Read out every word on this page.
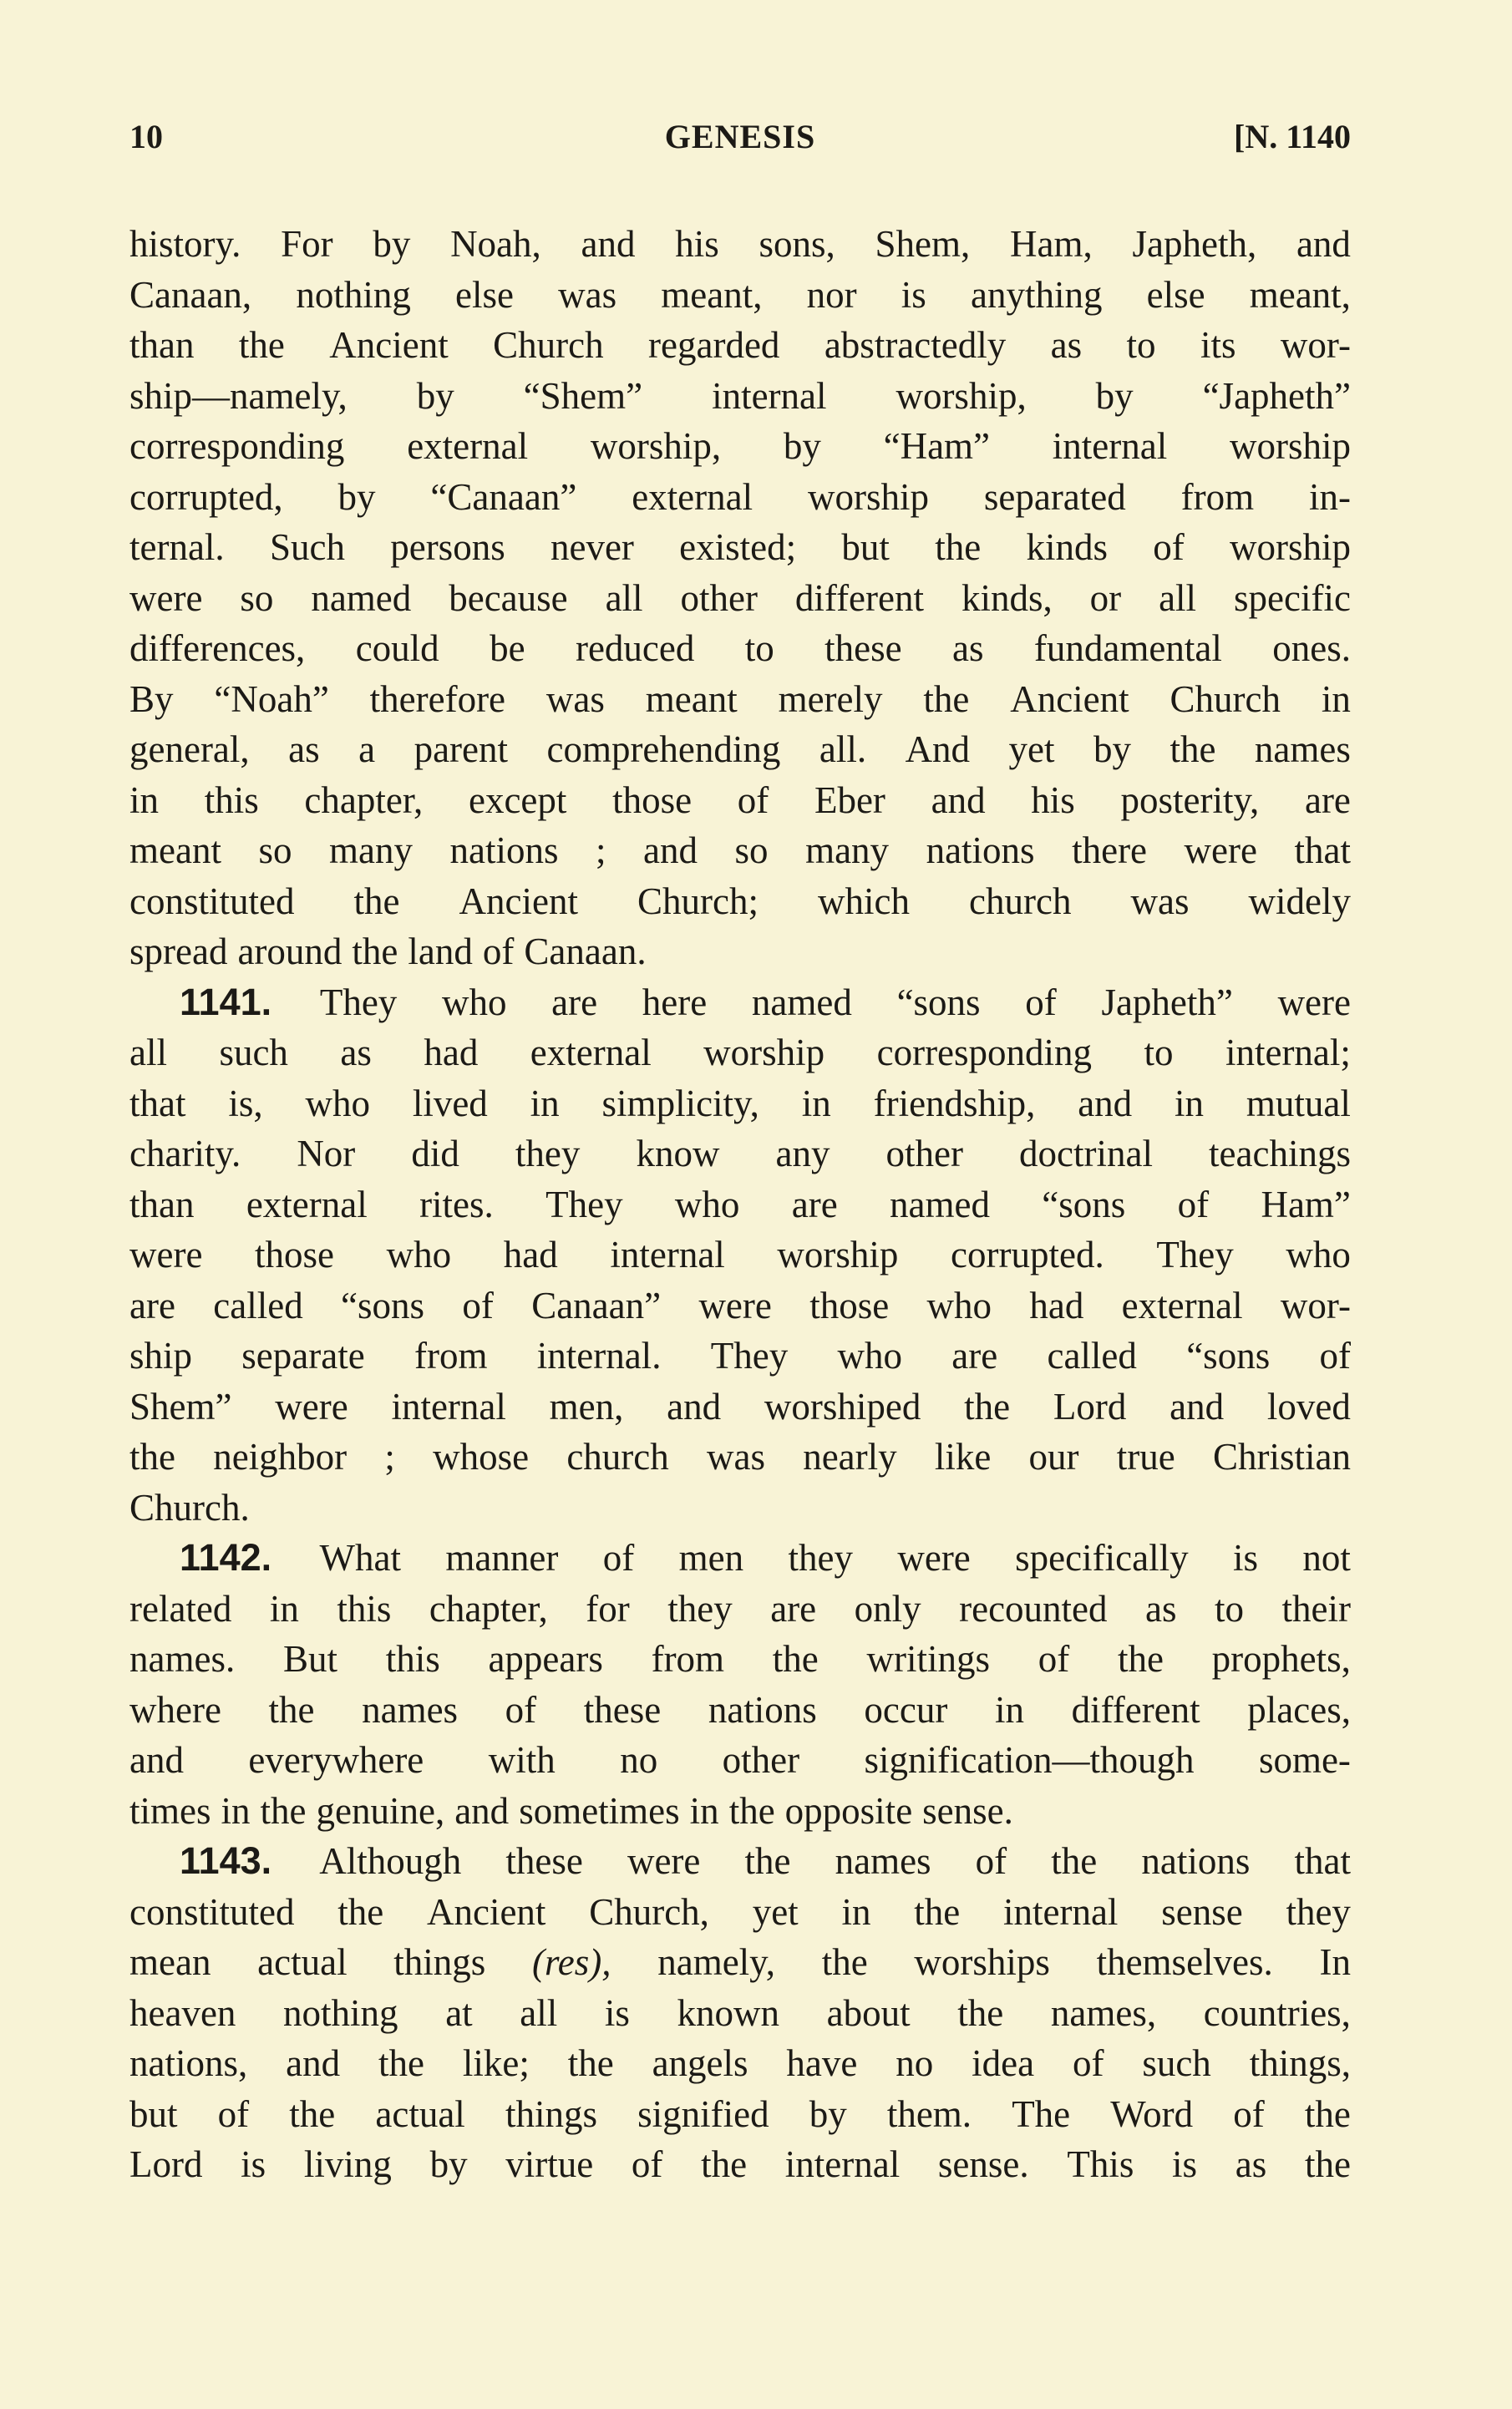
10	GENESIS	[N. 1140
history. For by Noah, and his sons, Shem, Ham, Japheth, and
Canaan, nothing else was meant, nor is anything else meant,
than the Ancient Church regarded abstractedly as to its wor-
ship—namely, by “Shem” internal worship, by “Japheth”
corresponding external worship, by “Ham” internal worship
corrupted, by “Canaan” external worship separated from in-
ternal. Such persons never existed; but the kinds of worship
were so named because all other different kinds, or all specific
differences, could be reduced to these as fundamental ones.
By “Noah” therefore was meant merely the Ancient Church in
general, as a parent comprehending all. And yet by the names
in this chapter, except those of Eber and his posterity, are
meant so many nations ; and so many nations there were that
constituted the Ancient Church; which church was widely
spread around the land of Canaan.
1141. They who are here named “sons of Japheth” were
all such as had external worship corresponding to internal;
that is, who lived in simplicity, in friendship, and in mutual
charity. Nor did they know any other doctrinal teachings
than external rites. They who are named “sons of Ham”
were those who had internal worship corrupted. They who
are called “sons of Canaan” were those who had external wor-
ship separate from internal. They who are called “sons of
Shem” were internal men, and worshiped the Lord and loved
the neighbor ; whose church was nearly like our true Christian
Church.
1142. What manner of men they were specifically is not
related in this chapter, for they are only recounted as to their
names. But this appears from the writings of the prophets,
where the names of these nations occur in different places,
and everywhere with no other signification—though some-
times in the genuine, and sometimes in the opposite sense.
1143. Although these were the names of the nations that
constituted the Ancient Church, yet in the internal sense they
mean actual things (res), namely, the worships themselves. In
heaven nothing at all is known about the names, countries,
nations, and the like; the angels have no idea of such things,
but of the actual things signified by them. The Word of the
Lord is living by virtue of the internal sense. This is as the
